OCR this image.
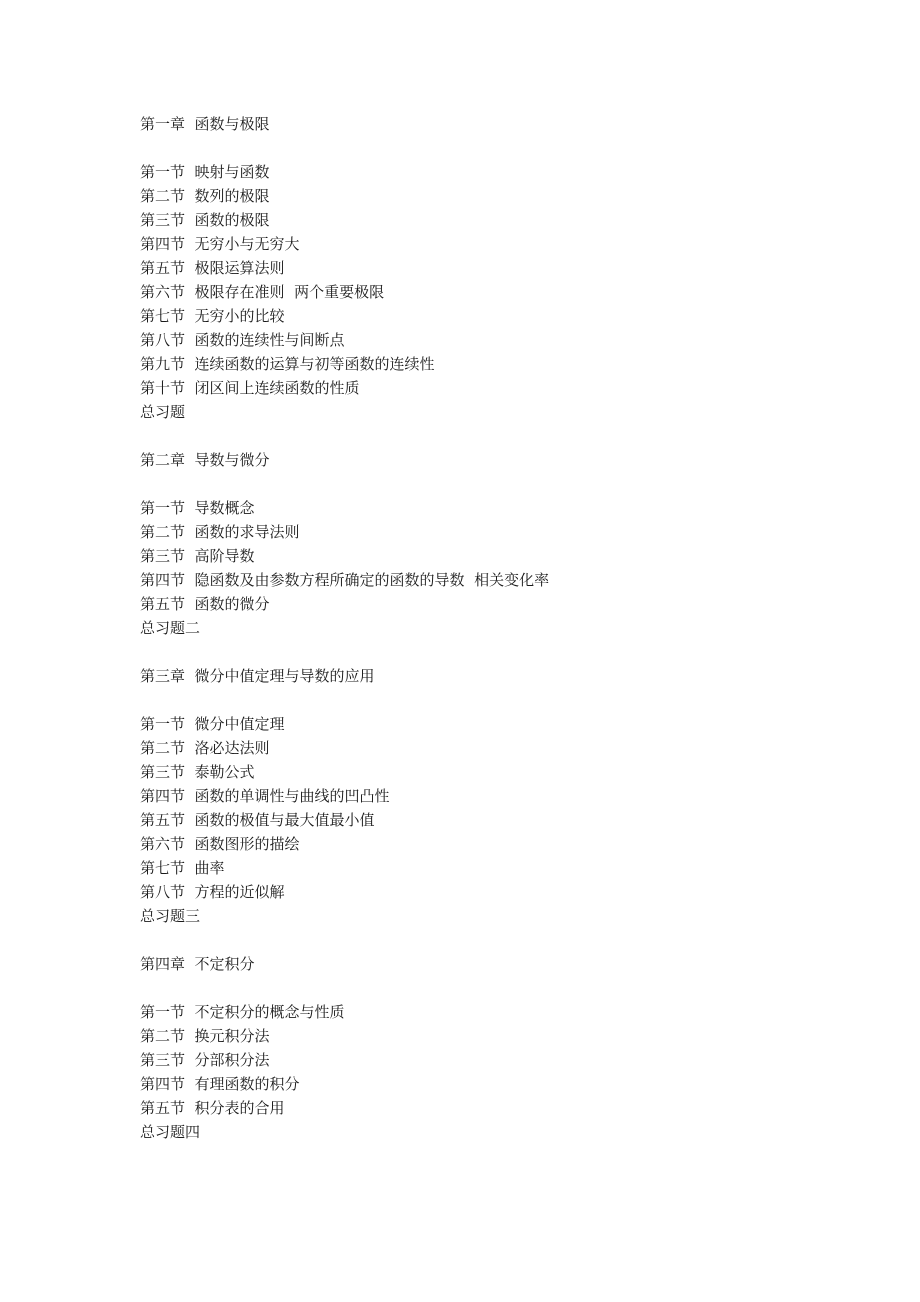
第一章  函数与极限

第一节  映射与函数

第二节  数列的极限

第三节  函数的极限

第四节  无穷小与无穷大

第五节  极限运算法则

第六节  极限存在准则  两个重要极限

第七节  无穷小的比较

第八节  函数的连续性与间断点

第九节  连续函数的运算与初等函数的连续性

第十节  闭区间上连续函数的性质

总习题

第二章  导数与微分

第一节  导数概念

第二节  函数的求导法则

第三节  高阶导数

第四节  隐函数及由参数方程所确定的函数的导数  相关变化率

第五节  函数的微分

总习题二

第三章  微分中值定理与导数的应用

第一节  微分中值定理

第二节  洛必达法则

第三节  泰勒公式

第四节  函数的单调性与曲线的凹凸性

第五节  函数的极值与最大值最小值

第六节  函数图形的描绘

第七节  曲率

第八节  方程的近似解

总习题三

第四章  不定积分

第一节  不定积分的概念与性质

第二节  换元积分法

第三节  分部积分法

第四节  有理函数的积分

第五节  积分表的合用

总习题四
